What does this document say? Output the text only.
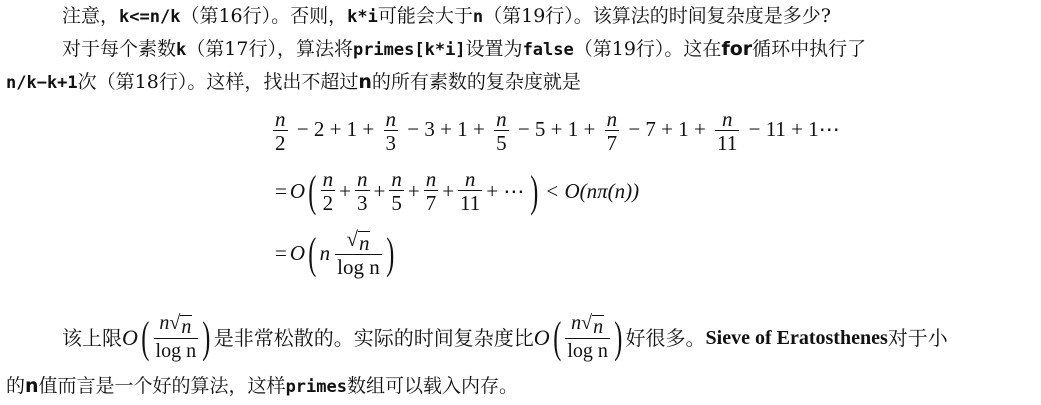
注意，k<=n/k（第16行）。否则，k*i可能会大于n（第19行）。该算法的时间复杂度是多少?
对于每个素数k（第17行），算法将primes[k*i]设置为false（第19行）。这在for循环中执行了
n/k−k+1次（第18行）。这样，找出不超过n的所有素数的复杂度就是
$\frac{n}{2} - 2 + 1 + \frac{n}{3} - 3 + 1 + \frac{n}{5} - 5 + 1 + \frac{n}{7} - 7 + 1 + \frac{n}{11} - 11$ + 1⋯
= O ( $\frac{n}{2} + \frac{n}{3} + \frac{n}{5} + \frac{n}{7} + \frac{n}{11}$ + ⋯ ) < O(nπ(n))
= O ( n $\frac{√ n}{\text{log n}}$ )
该上限 O ( $\frac{n √ n}{\text{log n}}$ ) 是非常松散的。实际的时间复杂度比 O ( $\frac{n √ n}{\text{log n}}$ ) 好很多。 Sieve of Eratosthenes 对于小
的n值而言是一个好的算法，这样primes数组可以载入内存。
